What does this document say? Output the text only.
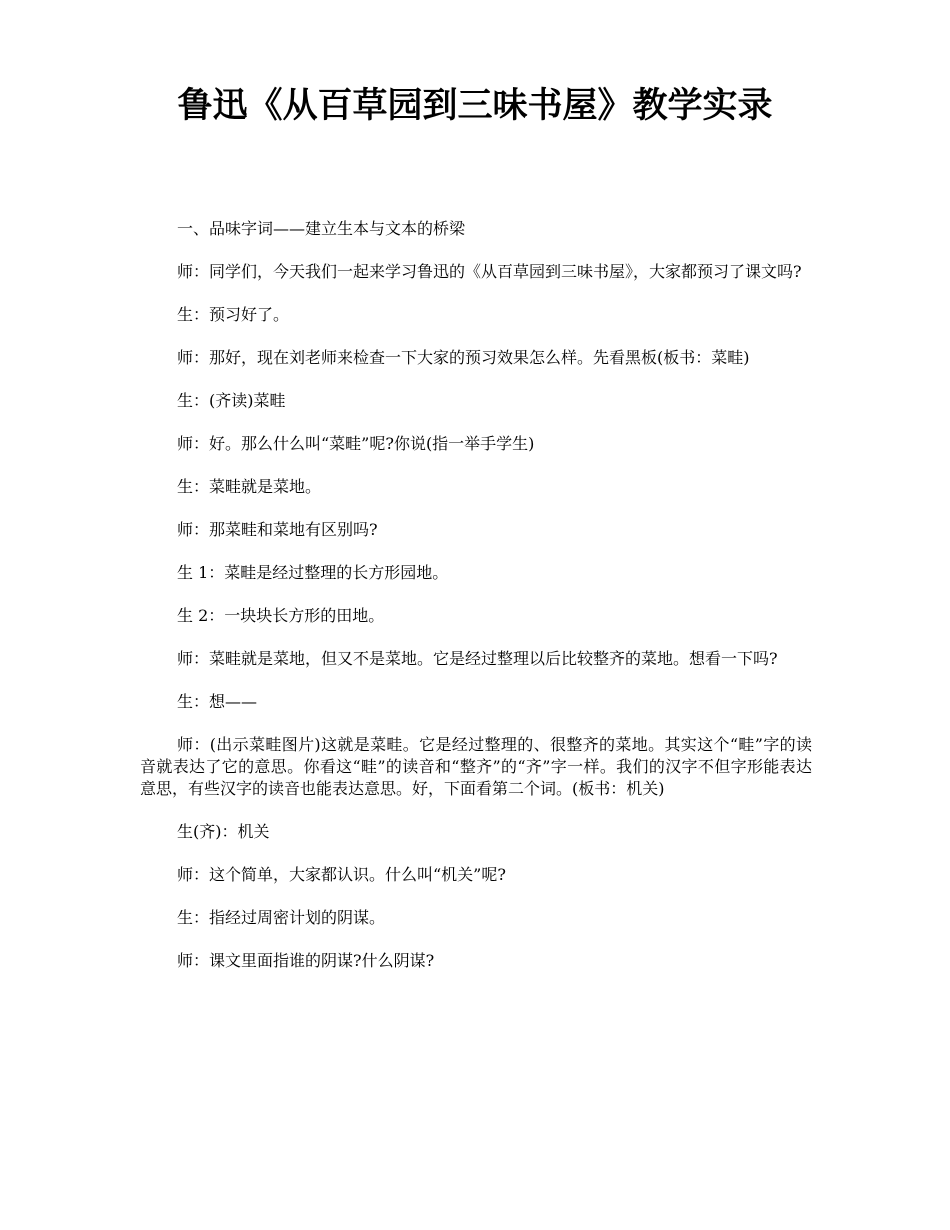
鲁迅《从百草园到三味书屋》教学实录

一、品味字词——建立生本与文本的桥梁

师：同学们，今天我们一起来学习鲁迅的《从百草园到三味书屋》，大家都预习了课文吗?

生：预习好了。

师：那好，现在刘老师来检查一下大家的预习效果怎么样。先看黑板(板书：菜畦)

生：(齐读)菜畦

师：好。那么什么叫“菜畦”呢?你说(指一举手学生)

生：菜畦就是菜地。

师：那菜畦和菜地有区别吗?

生 1：菜畦是经过整理的长方形园地。

生 2：一块块长方形的田地。

师：菜畦就是菜地，但又不是菜地。它是经过整理以后比较整齐的菜地。想看一下吗?

生：想——

师：(出示菜畦图片)这就是菜畦。它是经过整理的、很整齐的菜地。其实这个“畦”字的读音就表达了它的意思。你看这“畦”的读音和“整齐”的“齐”字一样。我们的汉字不但字形能表达意思，有些汉字的读音也能表达意思。好，下面看第二个词。(板书：机关)

生(齐)：机关

师：这个简单，大家都认识。什么叫“机关”呢?

生：指经过周密计划的阴谋。

师：课文里面指谁的阴谋?什么阴谋?
